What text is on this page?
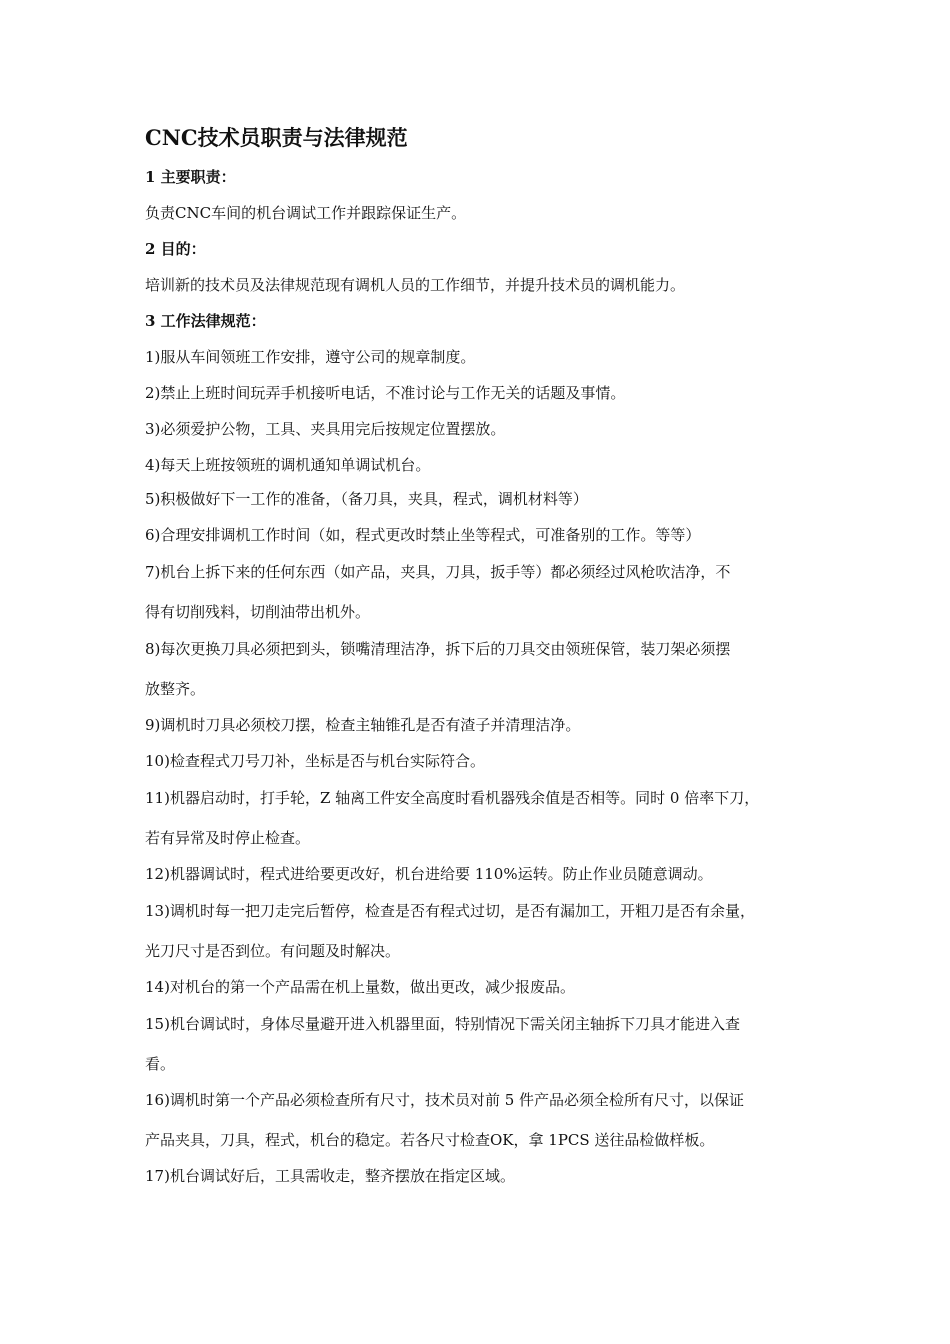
CNC技术员职责与法律规范
1 主要职责：
负责CNC车间的机台调试工作并跟踪保证生产。
2 目的：
培训新的技术员及法律规范现有调机人员的工作细节，并提升技术员的调机能力。
3 工作法律规范：
1)服从车间领班工作安排，遵守公司的规章制度。
2)禁止上班时间玩弄手机接听电话，不准讨论与工作无关的话题及事情。
3)必须爱护公物，工具、夹具用完后按规定位置摆放。
4)每天上班按领班的调机通知单调试机台。
5)积极做好下一工作的准备，（备刀具，夹具，程式，调机材料等）
6)合理安排调机工作时间（如，程式更改时禁止坐等程式，可准备别的工作。等等）
7)机台上拆下来的任何东西（如产品，夹具，刀具，扳手等）都必须经过风枪吹洁净，不
得有切削残料，切削油带出机外。
8)每次更换刀具必须把到头，锁嘴清理洁净，拆下后的刀具交由领班保管，装刀架必须摆
放整齐。
9)调机时刀具必须校刀摆，检查主轴锥孔是否有渣子并清理洁净。
10)检查程式刀号刀补，坐标是否与机台实际符合。
11)机器启动时，打手轮，Z 轴离工件安全高度时看机器残余值是否相等。同时 0 倍率下刀，
若有异常及时停止检查。
12)机器调试时，程式进给要更改好，机台进给要 110%运转。防止作业员随意调动。
13)调机时每一把刀走完后暂停，检查是否有程式过切，是否有漏加工，开粗刀是否有余量，
光刀尺寸是否到位。有问题及时解决。
14)对机台的第一个产品需在机上量数，做出更改，减少报废品。
15)机台调试时，身体尽量避开进入机器里面，特别情况下需关闭主轴拆下刀具才能进入查
看。
16)调机时第一个产品必须检查所有尺寸，技术员对前 5 件产品必须全检所有尺寸，以保证
产品夹具，刀具，程式，机台的稳定。若各尺寸检查OK，拿 1PCS 送往品检做样板。
17)机台调试好后，工具需收走，整齐摆放在指定区域。
